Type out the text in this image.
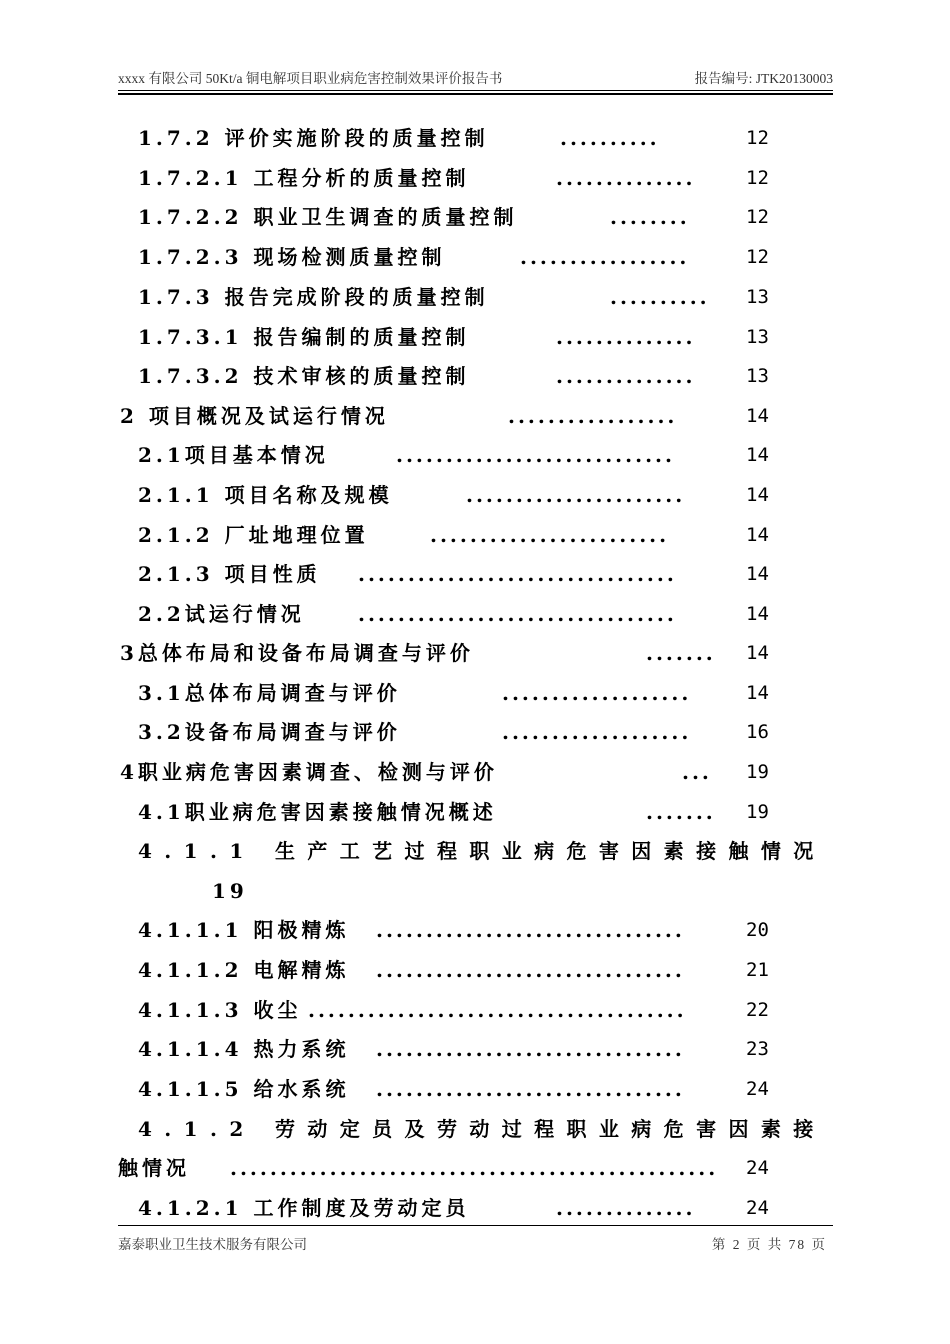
xxxx 有限公司 50Kt/a 铜电解项目职业病危害控制效果评价报告书	报告编号: JTK20130003
1.7.2 评价实施阶段的质量控制	..........	12
1.7.2.1 工程分析的质量控制	..............	12
1.7.2.2 职业卫生调查的质量控制	........	12
1.7.2.3 现场检测质量控制	.................	12
1.7.3 报告完成阶段的质量控制	.......... 13
1.7.3.1 报告编制的质量控制	..............	13
1.7.3.2 技术审核的质量控制	..............	13
2 项目概况及试运行情况	.................	14
2.1项目基本情况	............................	14
2.1.1 项目名称及规模	......................	14
2.1.2 厂址地理位置	........................	14
2.1.3 项目性质 ................................	14
2.2试运行情况	................................	14
3总体布局和设备布局调查与评价	....... 14
3.1总体布局调查与评价	...................	14
3.2设备布局调查与评价	...................	16
4职业病危害因素调查、检测与评价	... 19
4.1职业病危害因素接触情况概述	....... 19
4.1.1 生产工艺过程职业病危害因素接触情况
19
4.1.1.1 阳极精炼 ...............................	20
4.1.1.2 电解精炼 ...............................	21
4.1.1.3 收尘 ......................................	22
4.1.1.4 热力系统 ...............................	23
4.1.1.5 给水系统 ...............................	24
4.1.2 劳动定员及劳动过程职业病危害因素接
触情况 ................................................. 24
4.1.2.1 工作制度及劳动定员	..............	24
嘉泰职业卫生技术服务有限公司	第 2 页 共 78 页
